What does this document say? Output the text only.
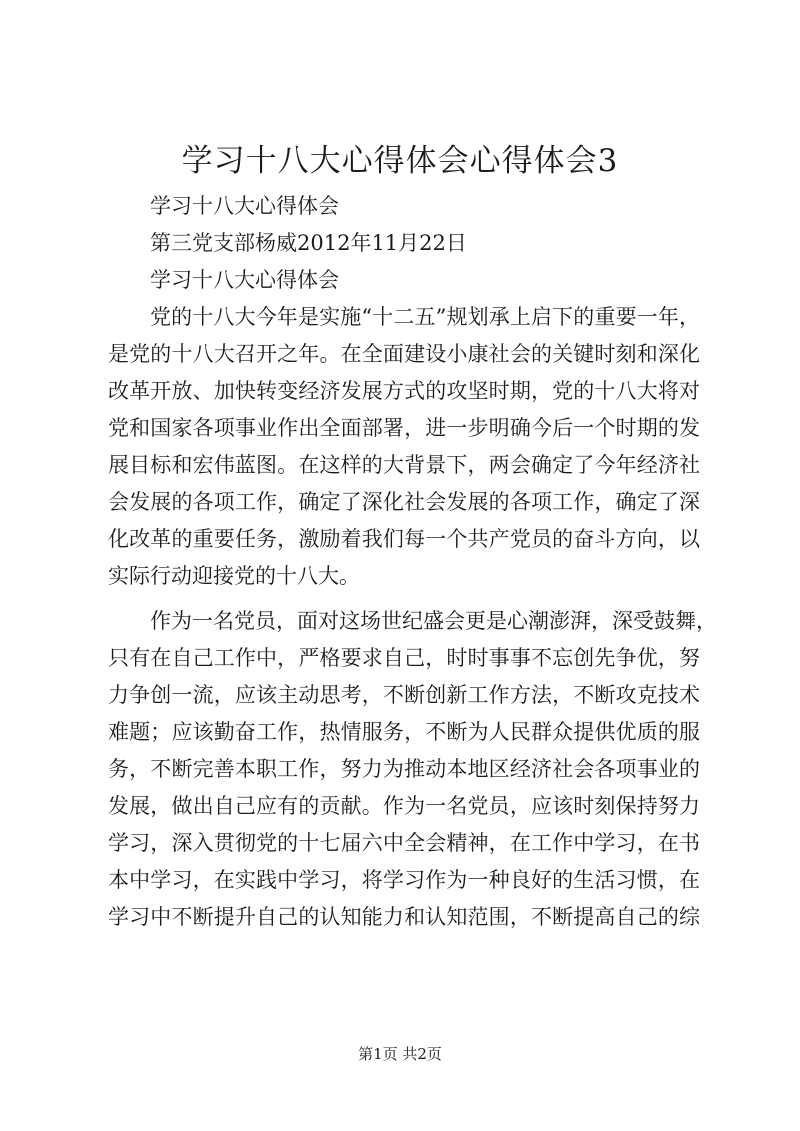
学习十八大心得体会心得体会3
学习十八大心得体会
第三党支部杨威2012年11月22日
学习十八大心得体会
党的十八大今年是实施“十二五”规划承上启下的重要一年，
是党的十八大召开之年。在全面建设小康社会的关键时刻和深化
改革开放、加快转变经济发展方式的攻坚时期，党的十八大将对
党和国家各项事业作出全面部署，进一步明确今后一个时期的发
展目标和宏伟蓝图。在这样的大背景下，两会确定了今年经济社
会发展的各项工作，确定了深化社会发展的各项工作，确定了深
化改革的重要任务，激励着我们每一个共产党员的奋斗方向，以
实际行动迎接党的十八大。
作为一名党员，面对这场世纪盛会更是心潮澎湃，深受鼓舞，
只有在自己工作中，严格要求自己，时时事事不忘创先争优，努
力争创一流，应该主动思考，不断创新工作方法，不断攻克技术
难题；应该勤奋工作，热情服务，不断为人民群众提供优质的服
务，不断完善本职工作，努力为推动本地区经济社会各项事业的
发展，做出自己应有的贡献。作为一名党员，应该时刻保持努力
学习，深入贯彻党的十七届六中全会精神，在工作中学习，在书
本中学习，在实践中学习，将学习作为一种良好的生活习惯，在
学习中不断提升自己的认知能力和认知范围，不断提高自己的综
第1页 共2页
